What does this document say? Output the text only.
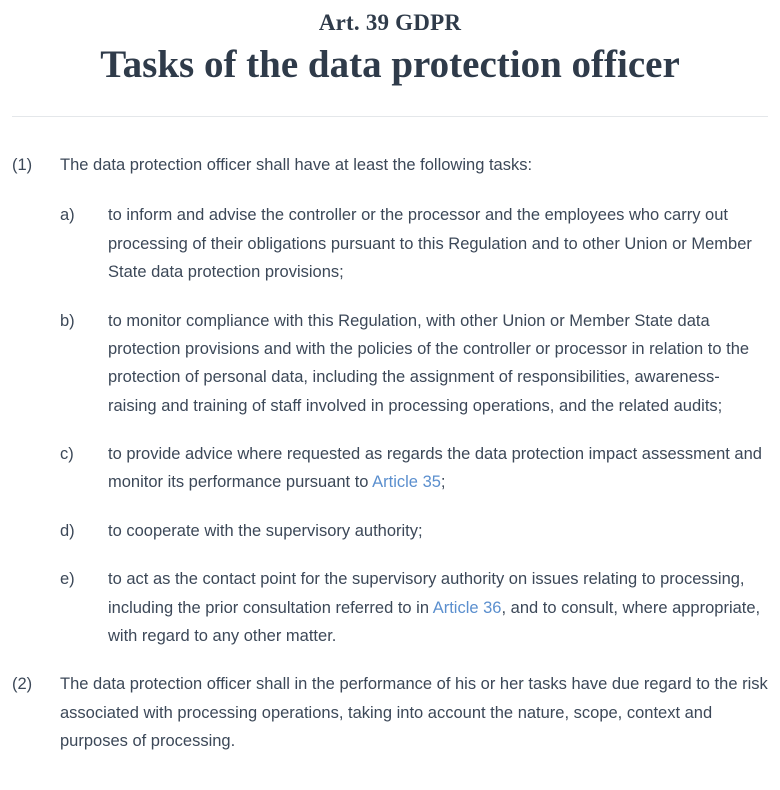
Art. 39 GDPR
Tasks of the data protection officer
(1)	The data protection officer shall have at least the following tasks:
a)	to inform and advise the controller or the processor and the employees who carry out processing of their obligations pursuant to this Regulation and to other Union or Member State data protection provisions;
b)	to monitor compliance with this Regulation, with other Union or Member State data protection provisions and with the policies of the controller or processor in relation to the protection of personal data, including the assignment of responsibilities, awareness-raising and training of staff involved in processing operations, and the related audits;
c)	to provide advice where requested as regards the data protection impact assessment and monitor its performance pursuant to Article 35;
d)	to cooperate with the supervisory authority;
e)	to act as the contact point for the supervisory authority on issues relating to processing, including the prior consultation referred to in Article 36, and to consult, where appropriate, with regard to any other matter.
(2)	The data protection officer shall in the performance of his or her tasks have due regard to the risk associated with processing operations, taking into account the nature, scope, context and purposes of processing.
